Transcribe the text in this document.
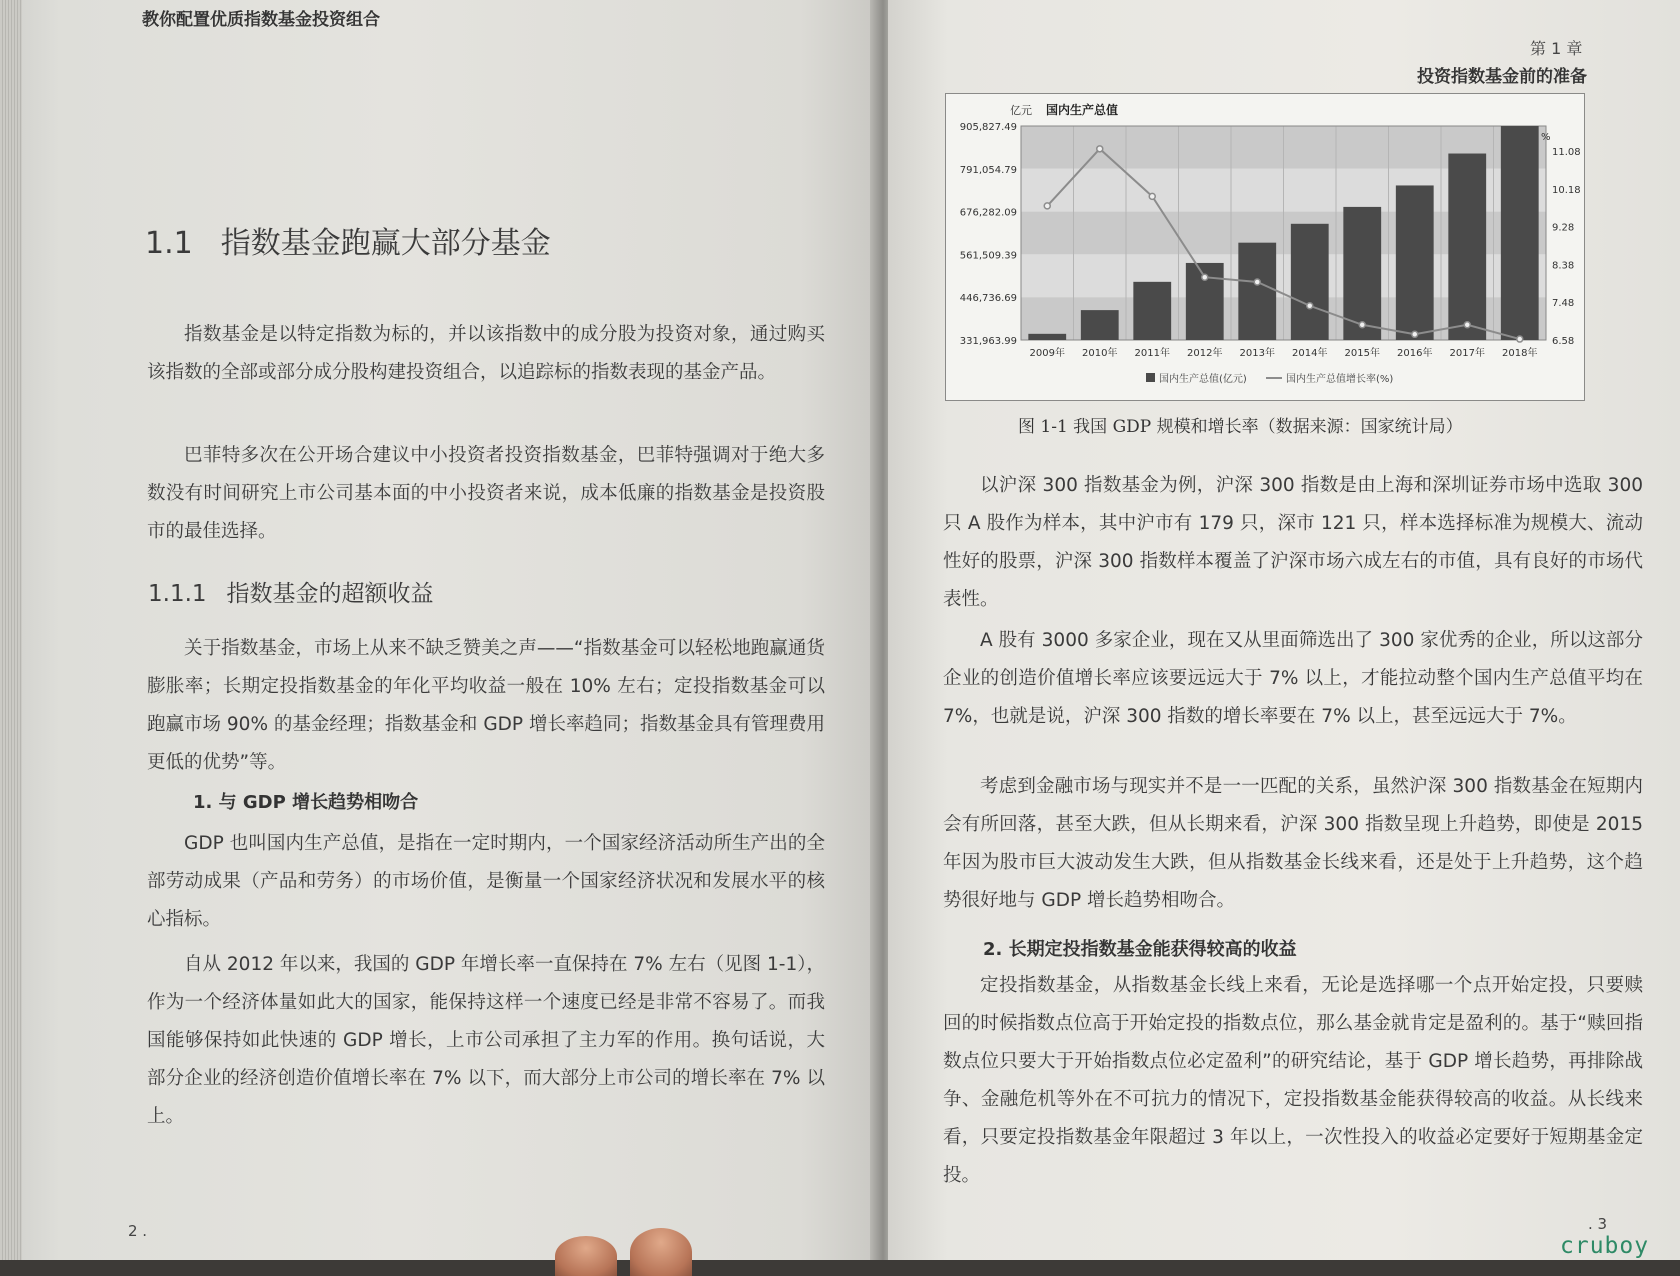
教你配置优质指数基金投资组合
1.1 指数基金跑赢大部分基金

指数基金是以特定指数为标的，并以该指数中的成分股为投资对象，通过购买该指数的全部或部分成分股构建投资组合，以追踪标的指数表现的基金产品。

巴菲特多次在公开场合建议中小投资者投资指数基金，巴菲特强调对于绝大多数没有时间研究上市公司基本面的中小投资者来说，成本低廉的指数基金是投资股市的最佳选择。

1.1.1 指数基金的超额收益

关于指数基金，市场上从来不缺乏赞美之声——“指数基金可以轻松地跑赢通货膨胀率；长期定投指数基金的年化平均收益一般在 10% 左右；定投指数基金可以跑赢市场 90% 的基金经理；指数基金和 GDP 增长率趋同；指数基金具有管理费用更低的优势”等。

1. 与 GDP 增长趋势相吻合

GDP 也叫国内生产总值，是指在一定时期内，一个国家经济活动所生产出的全部劳动成果（产品和劳务）的市场价值，是衡量一个国家经济状况和发展水平的核心指标。

自从 2012 年以来，我国的 GDP 年增长率一直保持在 7% 左右（见图 1-1），作为一个经济体量如此大的国家，能保持这样一个速度已经是非常不容易了。而我国能够保持如此快速的 GDP 增长，上市公司承担了主力军的作用。换句话说，大部分企业的经济创造价值增长率在 7% 以下，而大部分上市公司的增长率在 7% 以上。

2 .
第 1 章
投资指数基金前的准备

以沪深 300 指数基金为例，沪深 300 指数是由上海和深圳证券市场中选取 300 只 A 股作为样本，其中沪市有 179 只，深市 121 只，样本选择标准为规模大、流动性好的股票，沪深 300 指数样本覆盖了沪深市场六成左右的市值，具有良好的市场代表性。

A 股有 3000 多家企业，现在又从里面筛选出了 300 家优秀的企业，所以这部分企业的创造价值增长率应该要远远大于 7% 以上，才能拉动整个国内生产总值平均在 7%，也就是说，沪深 300 指数的增长率要在 7% 以上，甚至远远大于 7%。

考虑到金融市场与现实并不是一一匹配的关系，虽然沪深 300 指数基金在短期内会有所回落，甚至大跌，但从长期来看，沪深 300 指数呈现上升趋势，即使是 2015 年因为股市巨大波动发生大跌，但从指数基金长线来看，还是处于上升趋势，这个趋势很好地与 GDP 增长趋势相吻合。

2. 长期定投指数基金能获得较高的收益

定投指数基金，从指数基金长线上来看，无论是选择哪一个点开始定投，只要赎回的时候指数点位高于开始定投的指数点位，那么基金就肯定是盈利的。基于“赎回指数点位只要大于开始指数点位必定盈利”的研究结论，基于 GDP 增长趋势，再排除战争、金融危机等外在不可抗力的情况下，定投指数基金能获得较高的收益。从长线来看，只要定投指数基金年限超过 3 年以上，一次性投入的收益必定要好于短期基金定投。

. 3
亿元 国内生产总值
%
905,827.49
791,054.79
676,282.09
561,509.39
446,736.69
331,963.99
11.08
10.18
9.28
8.38
7.48
6.58
2009年 2010年 2011年 2012年 2013年 2014年 2015年 2016年 2017年 2018年
国内生产总值(亿元)	国内生产总值增长率(%)
图 1-1 我国 GDP 规模和增长率（数据来源：国家统计局）
cruboy
